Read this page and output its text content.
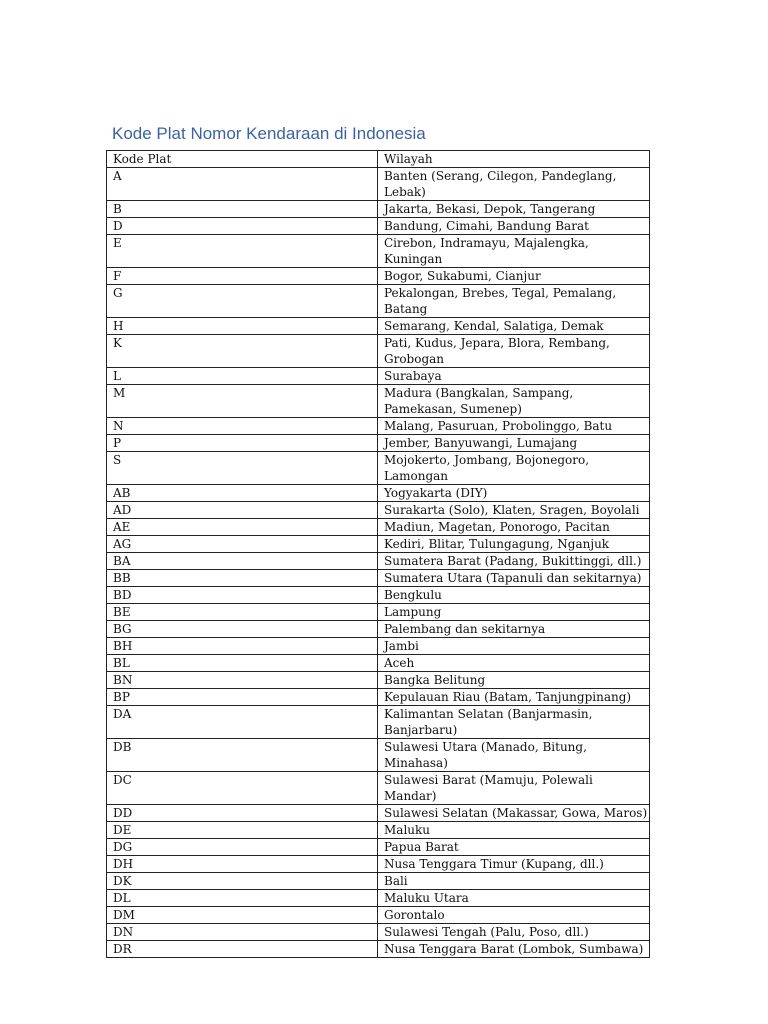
Kode Plat Nomor Kendaraan di Indonesia
Kode Plat	Wilayah
A	Banten (Serang, Cilegon, Pandeglang, Lebak)
B	Jakarta, Bekasi, Depok, Tangerang
D	Bandung, Cimahi, Bandung Barat
E	Cirebon, Indramayu, Majalengka, Kuningan
F	Bogor, Sukabumi, Cianjur
G	Pekalongan, Brebes, Tegal, Pemalang, Batang
H	Semarang, Kendal, Salatiga, Demak
K	Pati, Kudus, Jepara, Blora, Rembang, Grobogan
L	Surabaya
M	Madura (Bangkalan, Sampang, Pamekasan, Sumenep)
N	Malang, Pasuruan, Probolinggo, Batu
P	Jember, Banyuwangi, Lumajang
S	Mojokerto, Jombang, Bojonegoro, Lamongan
AB	Yogyakarta (DIY)
AD	Surakarta (Solo), Klaten, Sragen, Boyolali
AE	Madiun, Magetan, Ponorogo, Pacitan
AG	Kediri, Blitar, Tulungagung, Nganjuk
BA	Sumatera Barat (Padang, Bukittinggi, dll.)
BB	Sumatera Utara (Tapanuli dan sekitarnya)
BD	Bengkulu
BE	Lampung
BG	Palembang dan sekitarnya
BH	Jambi
BL	Aceh
BN	Bangka Belitung
BP	Kepulauan Riau (Batam, Tanjungpinang)
DA	Kalimantan Selatan (Banjarmasin, Banjarbaru)
DB	Sulawesi Utara (Manado, Bitung, Minahasa)
DC	Sulawesi Barat (Mamuju, Polewali Mandar)
DD	Sulawesi Selatan (Makassar, Gowa, Maros)
DE	Maluku
DG	Papua Barat
DH	Nusa Tenggara Timur (Kupang, dll.)
DK	Bali
DL	Maluku Utara
DM	Gorontalo
DN	Sulawesi Tengah (Palu, Poso, dll.)
DR	Nusa Tenggara Barat (Lombok, Sumbawa)
